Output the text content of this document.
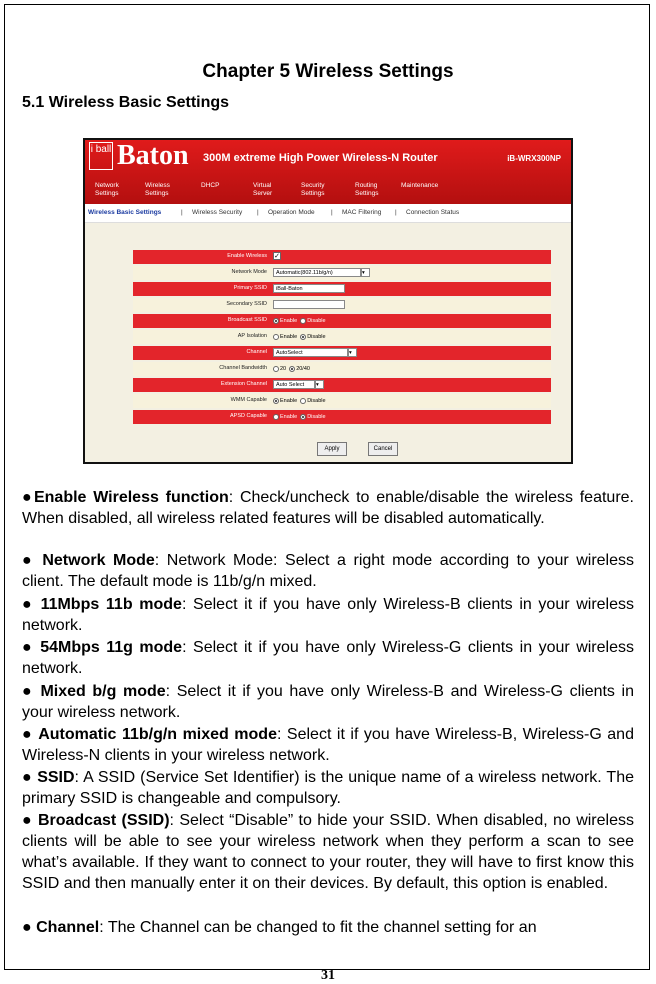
Chapter 5 Wireless Settings
5.1 Wireless Basic Settings
i ball Baton 300M extreme High Power Wireless-N Router	iB-WRX300NP
Network Settings
Wireless Settings
DHCP	Virtual Server
Security Settings
Routing Settings
Maintenance
Wireless Basic Settings	| Wireless Security | Operation Mode	| MAC Filtering | Connection Status
Enable Wireless ✓
Network Mode	Automatic(802.11b/g/n)	▾
Primary SSID	iBall-Baton
Secondary SSID
Broadcast SSID	Enable Disable
AP Isolation	Enable Disable
Channel	AutoSelect	▾
Channel Bandwidth	20 20/40
Extension Channel	Auto Select ▾
WMM Capable	Enable Disable
APSD Capable	Enable Disable
Apply	Cancel
●Enable Wireless function: Check/uncheck to enable/disable the wireless feature. When disabled, all wireless related features will be disabled automatically.
● Network Mode: Network Mode: Select a right mode according to your wireless client. The default mode is 11b/g/n mixed.
● 11Mbps 11b mode: Select it if you have only Wireless-B clients in your wireless network.
● 54Mbps 11g mode: Select it if you have only Wireless-G clients in your wireless network.
● Mixed b/g mode: Select it if you have only Wireless-B and Wireless-G clients in your wireless network.
● Automatic 11b/g/n mixed mode: Select it if you have Wireless-B, Wireless-G and Wireless-N clients in your wireless network.
● SSID: A SSID (Service Set Identifier) is the unique name of a wireless network. The primary SSID is changeable and compulsory.
● Broadcast (SSID): Select “Disable” to hide your SSID. When disabled, no wireless clients will be able to see your wireless network when they perform a scan to see what’s available. If they want to connect to your router, they will have to first know this SSID and then manually enter it on their devices. By default, this option is enabled.
● Channel: The Channel can be changed to fit the channel setting for an
31
